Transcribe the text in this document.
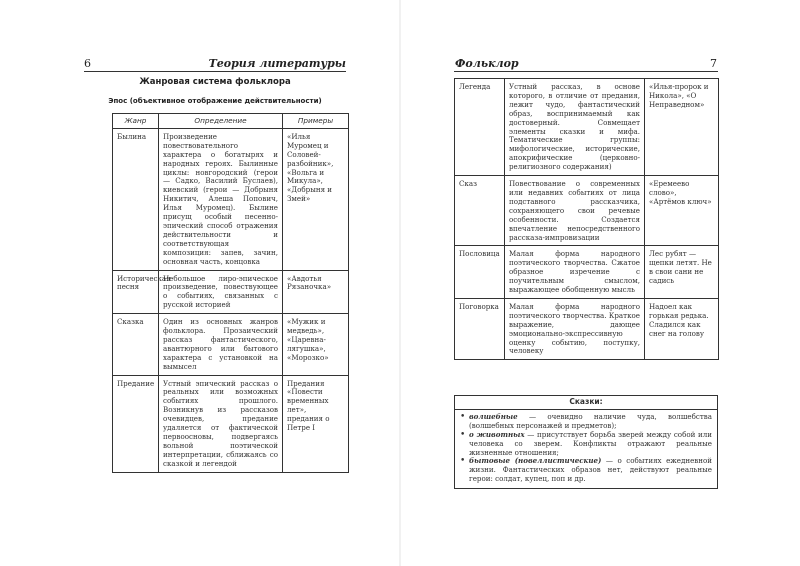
6	Теория литературы
Жанровая система фольклора
Эпос (объективное отображение действительности)
Жанр	Определение	Примеры
Былина	Произведение повествовательного характера о богатырях и народных героях. Былинные циклы: новгородский (герои — Садко, Василий Буслаев), киевский (герои — Добрыня Никитич, Алеша Попович, Илья Муромец). Былине присущ особый песенно-эпический способ отражения действительности и соответствующая композиция: запев, зачин, основная часть, концовка	«Илья Муромец и Соловей-разбойник», «Вольга и Микула», «Добрыня и Змей»
Историческая песня	Небольшое лиро-эпическое произведение, повествующее о событиях, связанных с русской историей	«Авдотья Рязаночка»
Сказка	Один из основных жанров фольклора. Прозаический рассказ фантастического, авантюрного или бытового характера с установкой на вымысел	«Мужик и медведь», «Царевна-лягушка», «Морозко»
Предание	Устный эпический рассказ о реальных или возможных событиях прошлого. Возникнув из рассказов очевидцев, предание удаляется от фактической первоосновы, подвергаясь вольной поэтической интерпретации, сближаясь со сказкой и легендой	Предания «Повести временных лет», предания о Петре I
Фольклор	7
Легенда	Устный рассказ, в основе которого, в отличие от предания, лежит чудо, фантастический образ, воспринимаемый как достоверный. Совмещает элементы сказки и мифа. Тематические группы: мифологические, исторические, апокрифические (церковно-религиозного содержания)	«Илья-пророк и Никола», «О Неправедном»
Сказ	Повествование о современных или недавних событиях от лица подставного рассказчика, сохраняющего свои речевые особенности. Создается впечатление непосредственного рассказа-импровизации	«Еремеево слово», «Артёмов ключ»
Пословица	Малая форма народного поэтического творчества. Сжатое образное изречение с поучительным смыслом, выражающее обобщенную мысль	Лес рубят — щепки летят. Не в свои сани не садись
Поговорка	Малая форма народного поэтического творчества. Краткое выражение, дающее эмоционально-экспрессивную оценку событию, поступку, человеку	Надоел как горькая редька. Сладился как снег на голову
Сказки:
• волшебные — очевидно наличие чуда, волшебства (волшебных персонажей и предметов);
• о животных — присутствует борьба зверей между собой или человека со зверем. Конфликты отражают реальные жизненные отношения;
• бытовые (новеллистические) — о событиях ежедневной жизни. Фантастических образов нет, действуют реальные герои: солдат, купец, поп и др.
